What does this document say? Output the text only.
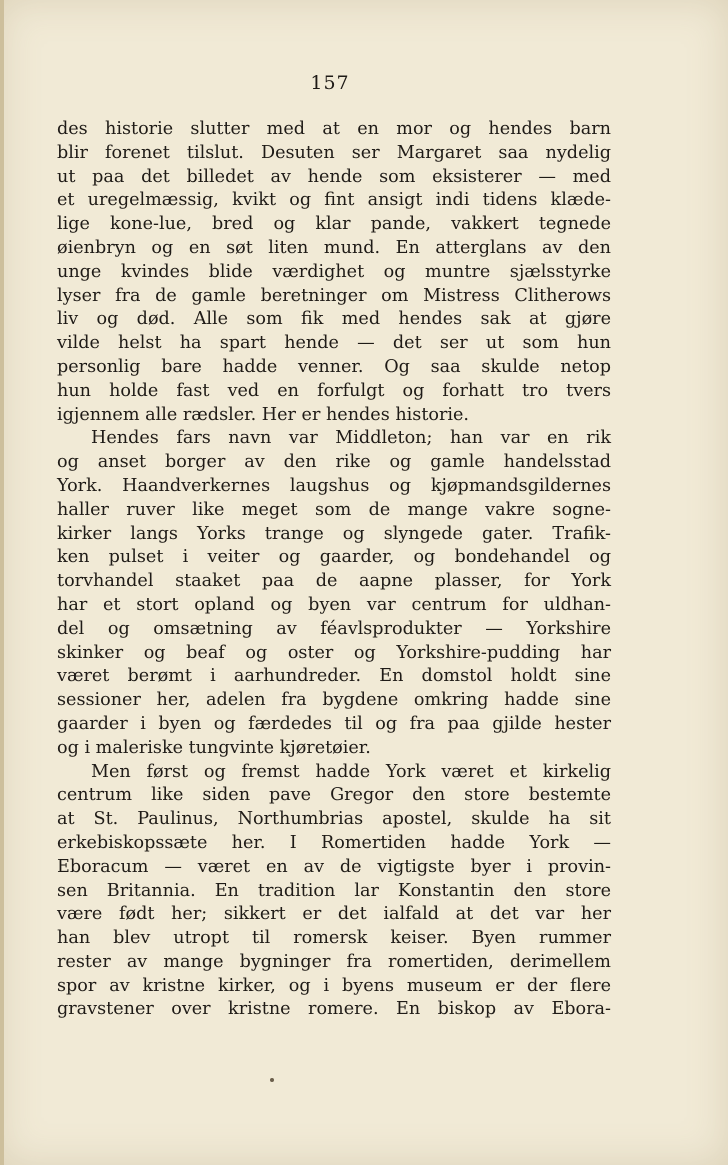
157
des historie slutter med at en mor og hendes barn
blir forenet tilslut. Desuten ser Margaret saa nydelig
ut paa det billedet av hende som eksisterer — med
et uregelmæssig, kvikt og fint ansigt indi tidens klæde-
lige kone-lue, bred og klar pande, vakkert tegnede
øienbryn og en søt liten mund. En atterglans av den
unge kvindes blide værdighet og muntre sjælsstyrke
lyser fra de gamle beretninger om Mistress Clitherows
liv og død. Alle som fik med hendes sak at gjøre
vilde helst ha spart hende — det ser ut som hun
personlig bare hadde venner. Og saa skulde netop
hun holde fast ved en forfulgt og forhatt tro tvers
igjennem alle rædsler. Her er hendes historie.
Hendes fars navn var Middleton; han var en rik
og anset borger av den rike og gamle handelsstad
York. Haandverkernes laugshus og kjøpmandsgildernes
haller ruver like meget som de mange vakre sogne-
kirker langs Yorks trange og slyngede gater. Trafik-
ken pulset i veiter og gaarder, og bondehandel og
torvhandel staaket paa de aapne plasser, for York
har et stort opland og byen var centrum for uldhan-
del og omsætning av féavlsprodukter — Yorkshire
skinker og beaf og oster og Yorkshire-pudding har
været berømt i aarhundreder. En domstol holdt sine
sessioner her, adelen fra bygdene omkring hadde sine
gaarder i byen og færdedes til og fra paa gjilde hester
og i maleriske tungvinte kjøretøier.
Men først og fremst hadde York været et kirkelig
centrum like siden pave Gregor den store bestemte
at St. Paulinus, Northumbrias apostel, skulde ha sit
erkebiskopssæte her. I Romertiden hadde York —
Eboracum — været en av de vigtigste byer i provin-
sen Britannia. En tradition lar Konstantin den store
være født her; sikkert er det ialfald at det var her
han blev utropt til romersk keiser. Byen rummer
rester av mange bygninger fra romertiden, derimellem
spor av kristne kirker, og i byens museum er der flere
gravstener over kristne romere. En biskop av Ebora-
